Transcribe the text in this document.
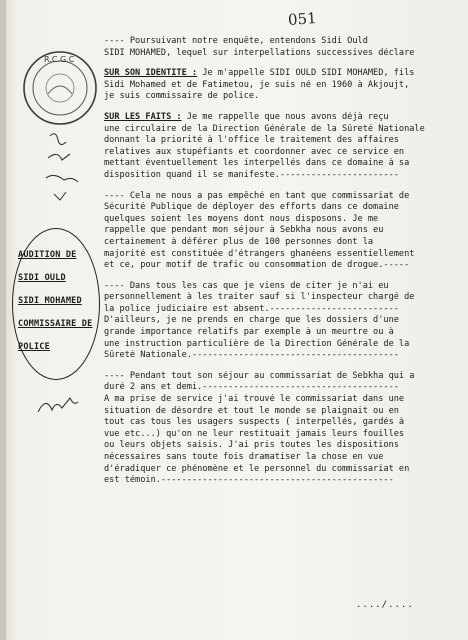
051
R.C.G.C
AUDITION DE
SIDI OULD
SIDI MOHAMED
COMMISSAIRE DE
POLICE

---- Poursuivant notre enquête, entendons Sidi Ould

SIDI MOHAMED, lequel sur interpellations successives déclare

SUR SON IDENTITE : Je m'appelle SIDI OULD SIDI MOHAMED, fils

Sidi Mohamed et de Fatimetou, je suis né en 1960 à Akjoujt,

je suis commissaire de police.

SUR LES FAITS : Je me rappelle que nous avons déjà reçu

une circulaire de la Direction Générale de la Sûreté Nationale

donnant la priorité à l'office le traitement des affaires

relatives aux stupéfiants et coordonner avec ce service en

mettant éventuellement les interpellés dans ce domaine à sa

disposition quand il se manifeste.-----------------------

---- Cela ne nous a pas empêché en tant que commissariat de

Sécurité Publique de déployer des efforts dans ce domaine

quelques soient les moyens dont nous disposons. Je me

rappelle que pendant mon séjour à Sebkha nous avons eu

certainement à déférer plus de 100 personnes dont la

majorité est constituée d'étrangers ghanéens essentiellement

et ce, pour motif de trafic ou consommation de drogue.-----

---- Dans tous les cas que je viens de citer je n'ai eu

personnellement à les traiter sauf si l'inspecteur chargé de

la police judiciaire est absent.-------------------------

D'ailleurs, je ne prends en charge que les dossiers d'une

grande importance relatifs par exemple à un meurtre ou à

une instruction particulière de la Direction Générale de la

Sûreté Nationale.----------------------------------------

---- Pendant tout son séjour au commissariat de Sebkha qui a

duré 2 ans et demi.--------------------------------------

A ma prise de service j'ai trouvé le commissariat dans une

situation de désordre et tout le monde se plaignait ou en

tout cas tous les usagers suspects ( interpellés, gardés à

vue etc...) qu'on ne leur restituait jamais leurs fouilles

ou leurs objets saisis. J'ai pris toutes les dispositions

nécessaires sans toute fois dramatiser la chose en vue

d'éradiquer ce phénomène et le personnel du commissariat en

est témoin.---------------------------------------------

..../....
